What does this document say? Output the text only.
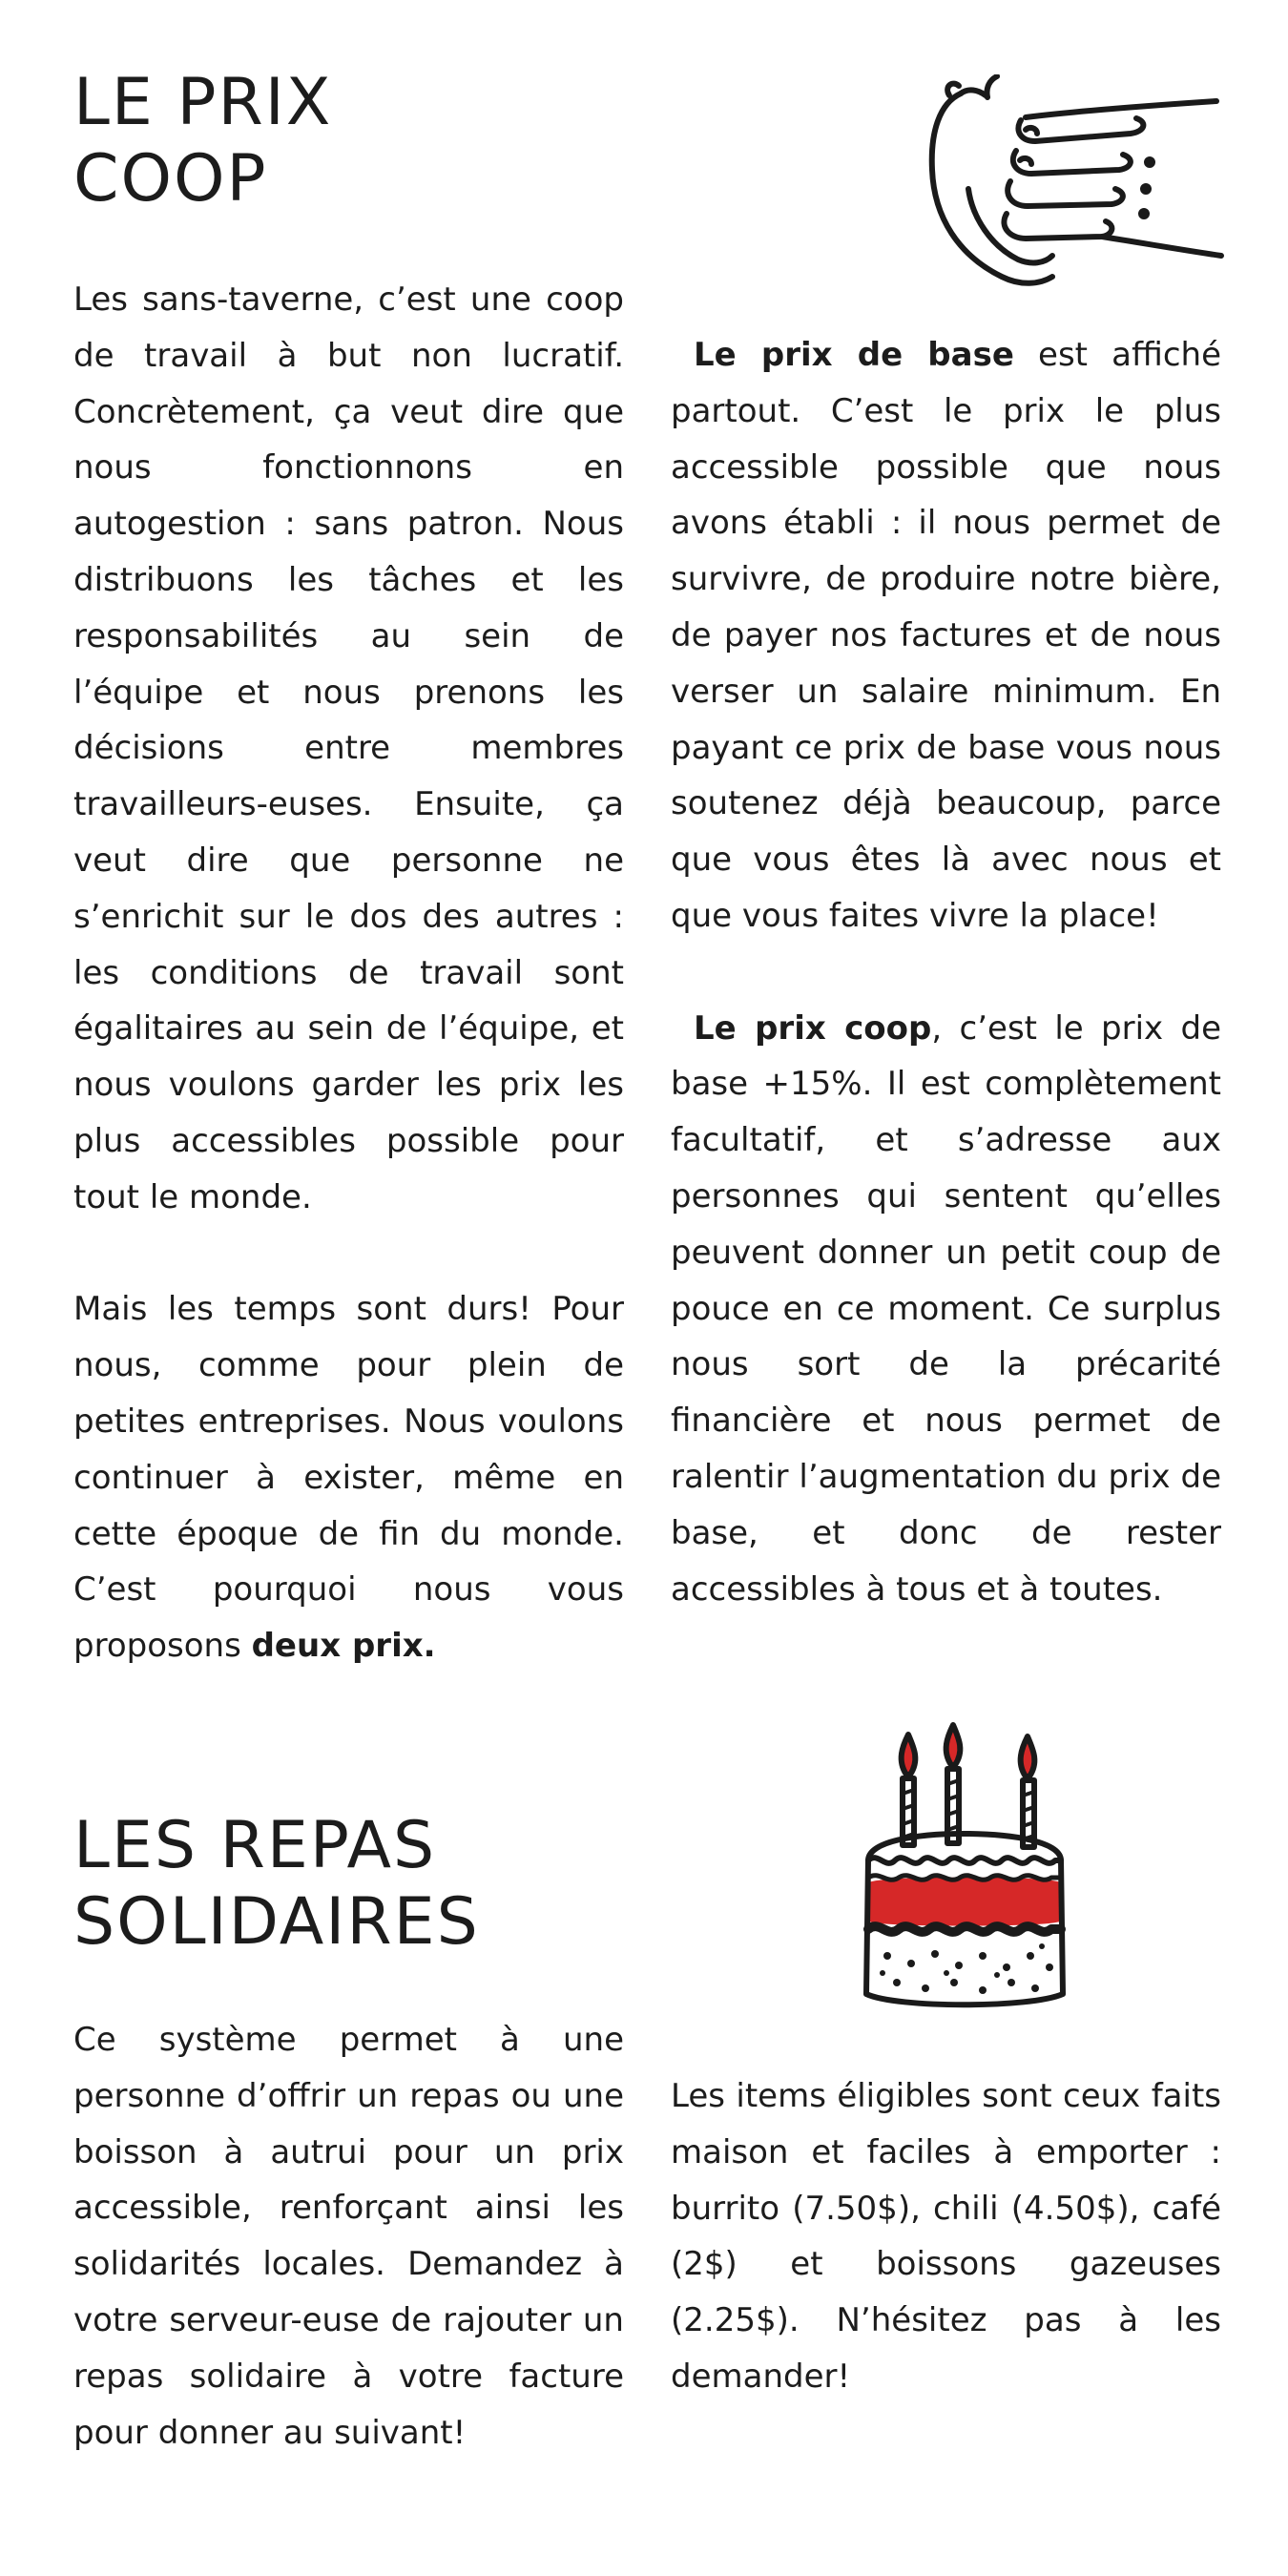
LE PRIX
COOP

Les sans-taverne, c’est une coop de travail à but non lucratif. Concrètement, ça veut dire que nous fonctionnons en autogestion : sans patron. Nous distribuons les tâches et les responsabilités au sein de l’équipe et nous prenons les décisions entre membres travailleurs-euses. Ensuite, ça veut dire que personne ne s’enrichit sur le dos des autres : les conditions de travail sont égalitaires au sein de l’équipe, et nous voulons garder les prix les plus accessibles possible pour tout le monde.

Mais les temps sont durs! Pour nous, comme pour plein de petites entreprises. Nous voulons continuer à exister, même en cette époque de fin du monde. C’est pourquoi nous vous proposons deux prix.

Le prix de base est affiché partout. C’est le prix le plus accessible possible que nous avons établi : il nous permet de survivre, de produire notre bière, de payer nos factures et de nous verser un salaire minimum. En payant ce prix de base vous nous soutenez déjà beaucoup, parce que vous êtes là avec nous et que vous faites vivre la place!

Le prix coop, c’est le prix de base +15%. Il est complètement facultatif, et s’adresse aux personnes qui sentent qu’elles peuvent donner un petit coup de pouce en ce moment. Ce surplus nous sort de la précarité financière et nous permet de ralentir l’augmentation du prix de base, et donc de rester accessibles à tous et à toutes.

LES REPAS
SOLIDAIRES

Ce système permet à une personne d’offrir un repas ou une boisson à autrui pour un prix accessible, renforçant ainsi les solidarités locales. Demandez à votre serveur-euse de rajouter un repas solidaire à votre facture pour donner au suivant!

Les items éligibles sont ceux faits maison et faciles à emporter : burrito (7.50$), chili (4.50$), café (2$) et boissons gazeuses (2.25$). N’hésitez pas à les demander!
